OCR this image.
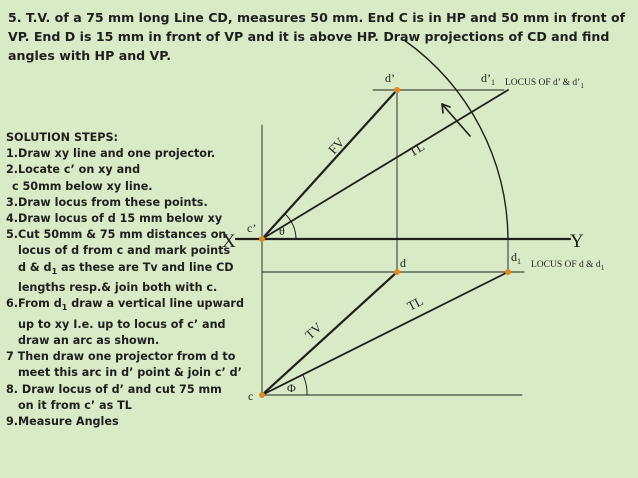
5. T.V. of a 75 mm long Line CD, measures 50 mm. End C is in HP and 50 mm in front of VP. End D is 15 mm in front of VP and it is above HP. Draw projections of CD and find angles with HP and VP.

SOLUTION STEPS:
1.Draw xy line and one projector.
2.Locate c’ on xy and
c 50mm below xy line.
3.Draw locus from these points.
4.Draw locus of d 15 mm below xy
5.Cut 50mm & 75 mm distances on
locus of d from c and mark points
d & $d_1$ as these are Tv and line CD
lengths resp.& join both with c.
6.From $d_1$ draw a vertical line upward
up to xy I.e. up to locus of c’ and
draw an arc as shown.
7 Then draw one projector from d to
meet this arc in d’ point & join c’ d’
8. Draw locus of d’ and cut 75 mm
on it from c’ as TL
9.Measure Angles
X	Y
c’
c
d’	$d’_1$
d	$d_1$
LOCUS OF d’ & $d’_1$
LOCUS OF d & $d_1$
FV	TL
TV
TL
θ
Φ
